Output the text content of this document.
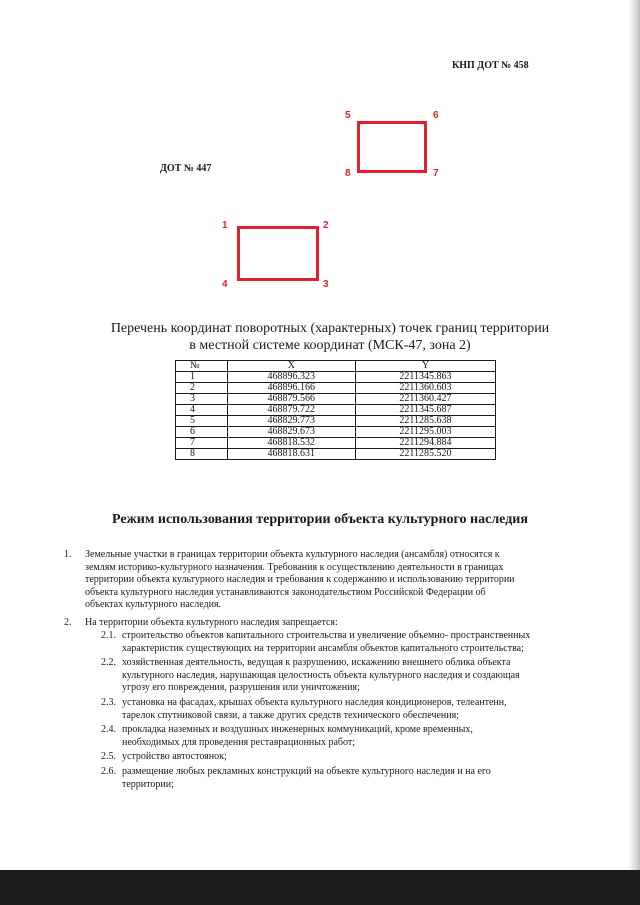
КНП ДОТ № 458
5	6
7
8
ДОТ № 447
1	2
3
4
Перечень координат поворотных (характерных) точек границ территории
в местной системе координат (МСК-47, зона 2)
№	X	Y
1	468896.323	2211345.863
2	468896.166	2211360.603
3	468879.566	2211360.427
4	468879.722	2211345.687
5	468829.773	2211285.638
6	468829.673	2211295.003
7	468818.532	2211294.884
8	468818.631	2211285.520
Режим использования территории объекта культурного наследия
1. Земельные участки в границах территории объекта культурного наследия (ансамбля) относятся к
землям историко-культурного назначения. Требования к осуществлению деятельности в границах
территории объекта культурного наследия и требования к содержанию и использованию территории
объекта культурного наследия устанавливаются законодательством Российской Федерации об
объектах культурного наследия.
2. На территории объекта культурного наследия запрещается:
2.1. строительство объектов капитального строительства и увеличение объемно- пространственных
характеристик существующих на территории ансамбля объектов капитального строительства;
2.2. хозяйственная деятельность, ведущая к разрушению, искажению внешнего облика объекта
культурного наследия, нарушающая целостность объекта культурного наследия и создающая
угрозу его повреждения, разрушения или уничтожения;
2.3. установка на фасадах, крышах объекта культурного наследия кондиционеров, телеантенн,
тарелок спутниковой связи, а также других средств технического обеспечения;
2.4. прокладка наземных и воздушных инженерных коммуникаций, кроме временных,
необходимых для проведения реставрационных работ;
2.5. устройство автостоянок;
2.6. размещение любых рекламных конструкций на объекте культурного наследия и на его
территории;
